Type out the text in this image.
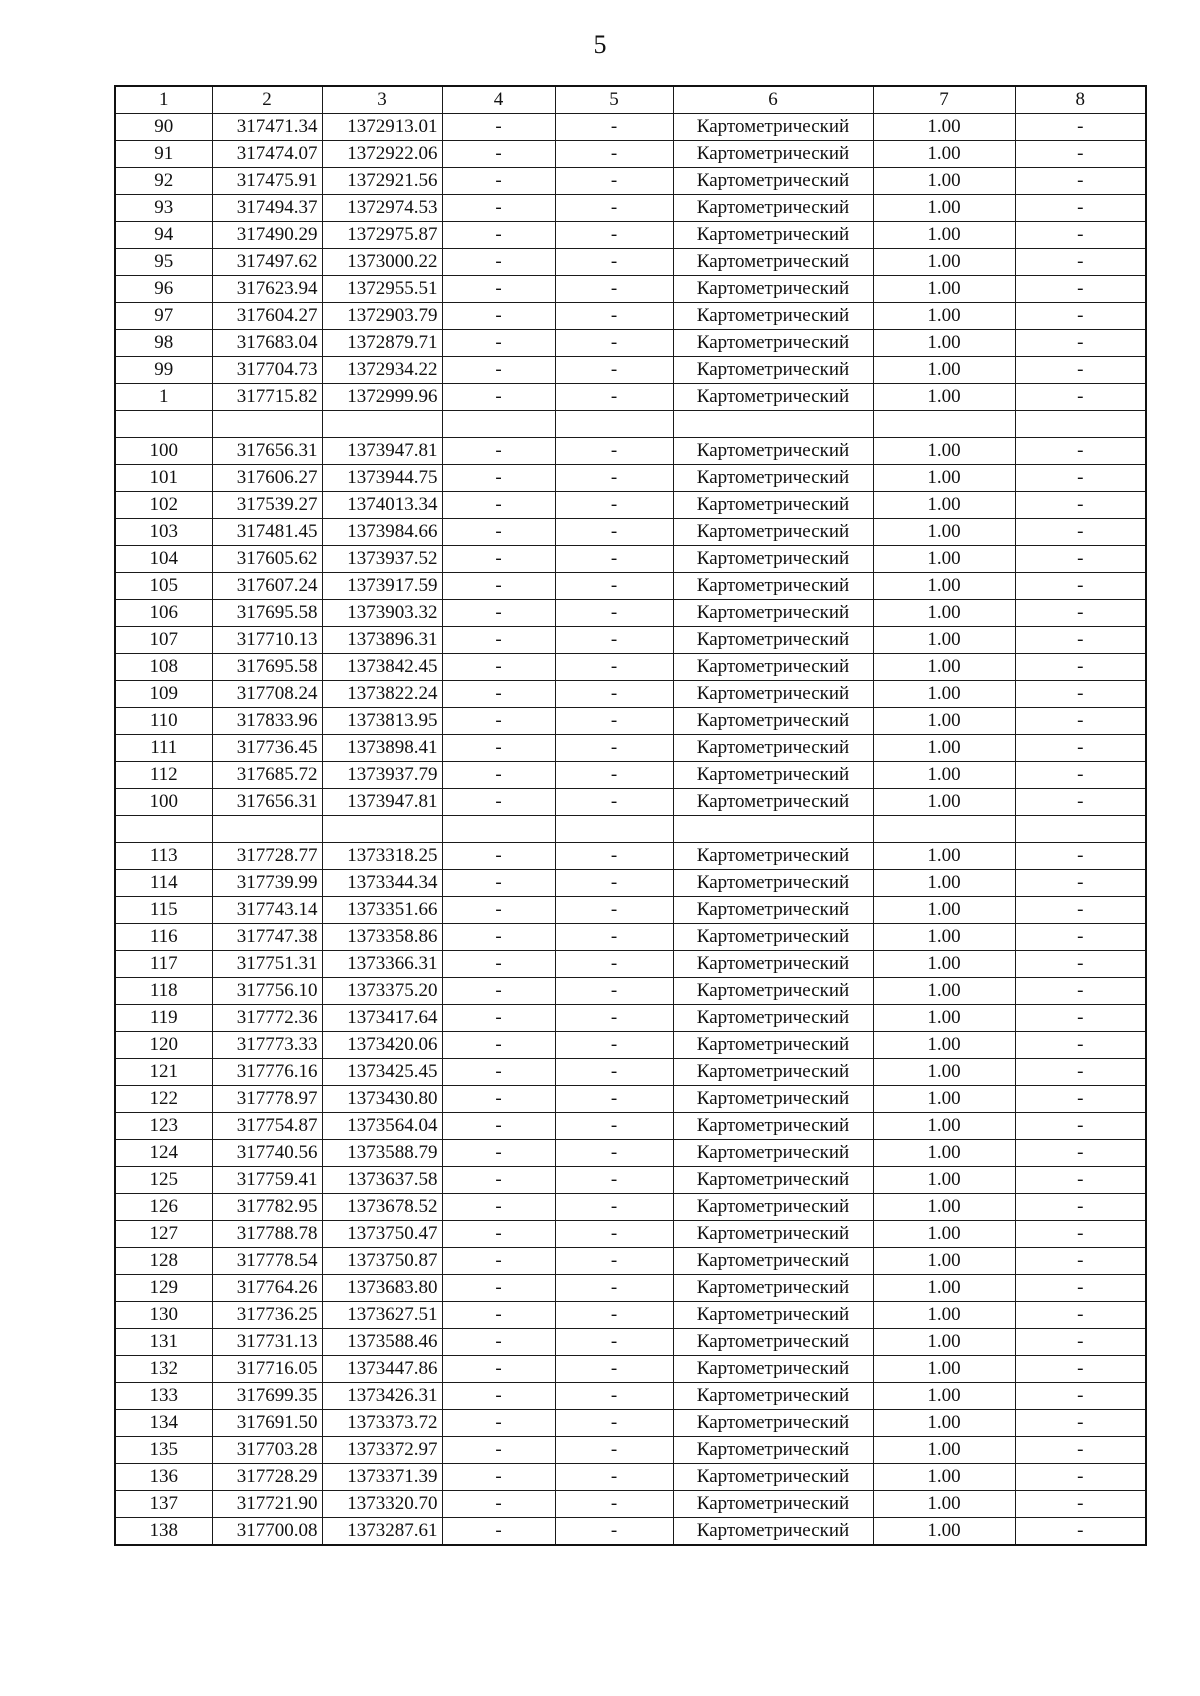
5
1	2	3	4	5	6	7	8
90	317471.34	1372913.01	-	-	Картометрический	1.00	-
91	317474.07	1372922.06	-	-	Картометрический	1.00	-
92	317475.91	1372921.56	-	-	Картометрический	1.00	-
93	317494.37	1372974.53	-	-	Картометрический	1.00	-
94	317490.29	1372975.87	-	-	Картометрический	1.00	-
95	317497.62	1373000.22	-	-	Картометрический	1.00	-
96	317623.94	1372955.51	-	-	Картометрический	1.00	-
97	317604.27	1372903.79	-	-	Картометрический	1.00	-
98	317683.04	1372879.71	-	-	Картометрический	1.00	-
99	317704.73	1372934.22	-	-	Картометрический	1.00	-
1	317715.82	1372999.96	-	-	Картометрический	1.00	-

100	317656.31	1373947.81	-	-	Картометрический	1.00	-
101	317606.27	1373944.75	-	-	Картометрический	1.00	-
102	317539.27	1374013.34	-	-	Картометрический	1.00	-
103	317481.45	1373984.66	-	-	Картометрический	1.00	-
104	317605.62	1373937.52	-	-	Картометрический	1.00	-
105	317607.24	1373917.59	-	-	Картометрический	1.00	-
106	317695.58	1373903.32	-	-	Картометрический	1.00	-
107	317710.13	1373896.31	-	-	Картометрический	1.00	-
108	317695.58	1373842.45	-	-	Картометрический	1.00	-
109	317708.24	1373822.24	-	-	Картометрический	1.00	-
110	317833.96	1373813.95	-	-	Картометрический	1.00	-
111	317736.45	1373898.41	-	-	Картометрический	1.00	-
112	317685.72	1373937.79	-	-	Картометрический	1.00	-
100	317656.31	1373947.81	-	-	Картометрический	1.00	-

113	317728.77	1373318.25	-	-	Картометрический	1.00	-
114	317739.99	1373344.34	-	-	Картометрический	1.00	-
115	317743.14	1373351.66	-	-	Картометрический	1.00	-
116	317747.38	1373358.86	-	-	Картометрический	1.00	-
117	317751.31	1373366.31	-	-	Картометрический	1.00	-
118	317756.10	1373375.20	-	-	Картометрический	1.00	-
119	317772.36	1373417.64	-	-	Картометрический	1.00	-
120	317773.33	1373420.06	-	-	Картометрический	1.00	-
121	317776.16	1373425.45	-	-	Картометрический	1.00	-
122	317778.97	1373430.80	-	-	Картометрический	1.00	-
123	317754.87	1373564.04	-	-	Картометрический	1.00	-
124	317740.56	1373588.79	-	-	Картометрический	1.00	-
125	317759.41	1373637.58	-	-	Картометрический	1.00	-
126	317782.95	1373678.52	-	-	Картометрический	1.00	-
127	317788.78	1373750.47	-	-	Картометрический	1.00	-
128	317778.54	1373750.87	-	-	Картометрический	1.00	-
129	317764.26	1373683.80	-	-	Картометрический	1.00	-
130	317736.25	1373627.51	-	-	Картометрический	1.00	-
131	317731.13	1373588.46	-	-	Картометрический	1.00	-
132	317716.05	1373447.86	-	-	Картометрический	1.00	-
133	317699.35	1373426.31	-	-	Картометрический	1.00	-
134	317691.50	1373373.72	-	-	Картометрический	1.00	-
135	317703.28	1373372.97	-	-	Картометрический	1.00	-
136	317728.29	1373371.39	-	-	Картометрический	1.00	-
137	317721.90	1373320.70	-	-	Картометрический	1.00	-
138	317700.08	1373287.61	-	-	Картометрический	1.00	-
